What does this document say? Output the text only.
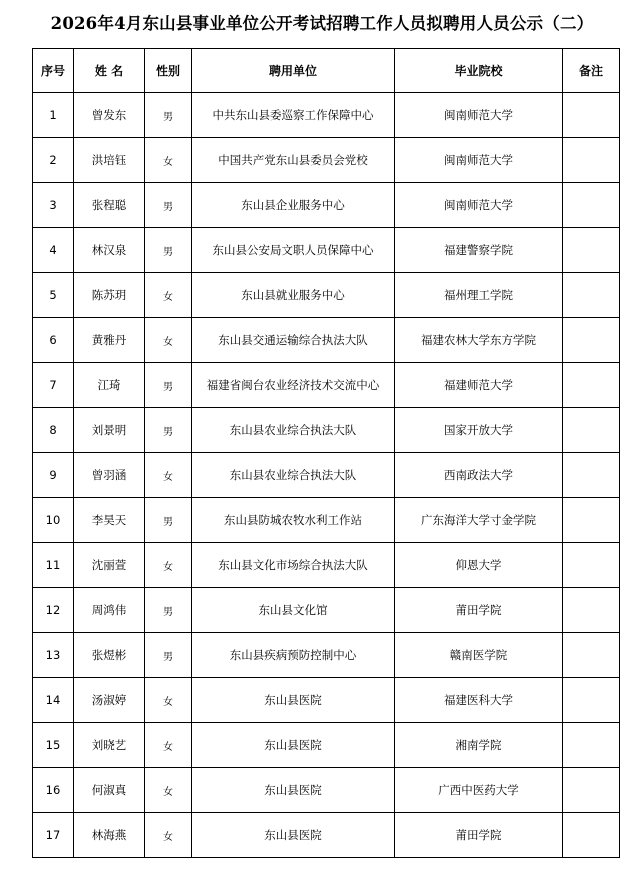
2026年4月东山县事业单位公开考试招聘工作人员拟聘用人员公示（二）
序号	姓 名	性别	聘用单位	毕业院校	备注
1	曾发东	男	中共东山县委巡察工作保障中心	闽南师范大学	
2	洪培钰	女	中国共产党东山县委员会党校	闽南师范大学	
3	张程聪	男	东山县企业服务中心	闽南师范大学	
4	林汉泉	男	东山县公安局文职人员保障中心	福建警察学院	
5	陈苏玥	女	东山县就业服务中心	福州理工学院	
6	黄雅丹	女	东山县交通运输综合执法大队	福建农林大学东方学院	
7	江琦	男	福建省闽台农业经济技术交流中心	福建师范大学	
8	刘景明	男	东山县农业综合执法大队	国家开放大学	
9	曾羽涵	女	东山县农业综合执法大队	西南政法大学	
10	李昊天	男	东山县防城农牧水利工作站	广东海洋大学寸金学院	
11	沈丽萱	女	东山县文化市场综合执法大队	仰恩大学	
12	周鸿伟	男	东山县文化馆	莆田学院	
13	张煜彬	男	东山县疾病预防控制中心	赣南医学院	
14	汤淑婷	女	东山县医院	福建医科大学	
15	刘晓艺	女	东山县医院	湘南学院	
16	何淑真	女	东山县医院	广西中医药大学	
17	林海燕	女	东山县医院	莆田学院	
